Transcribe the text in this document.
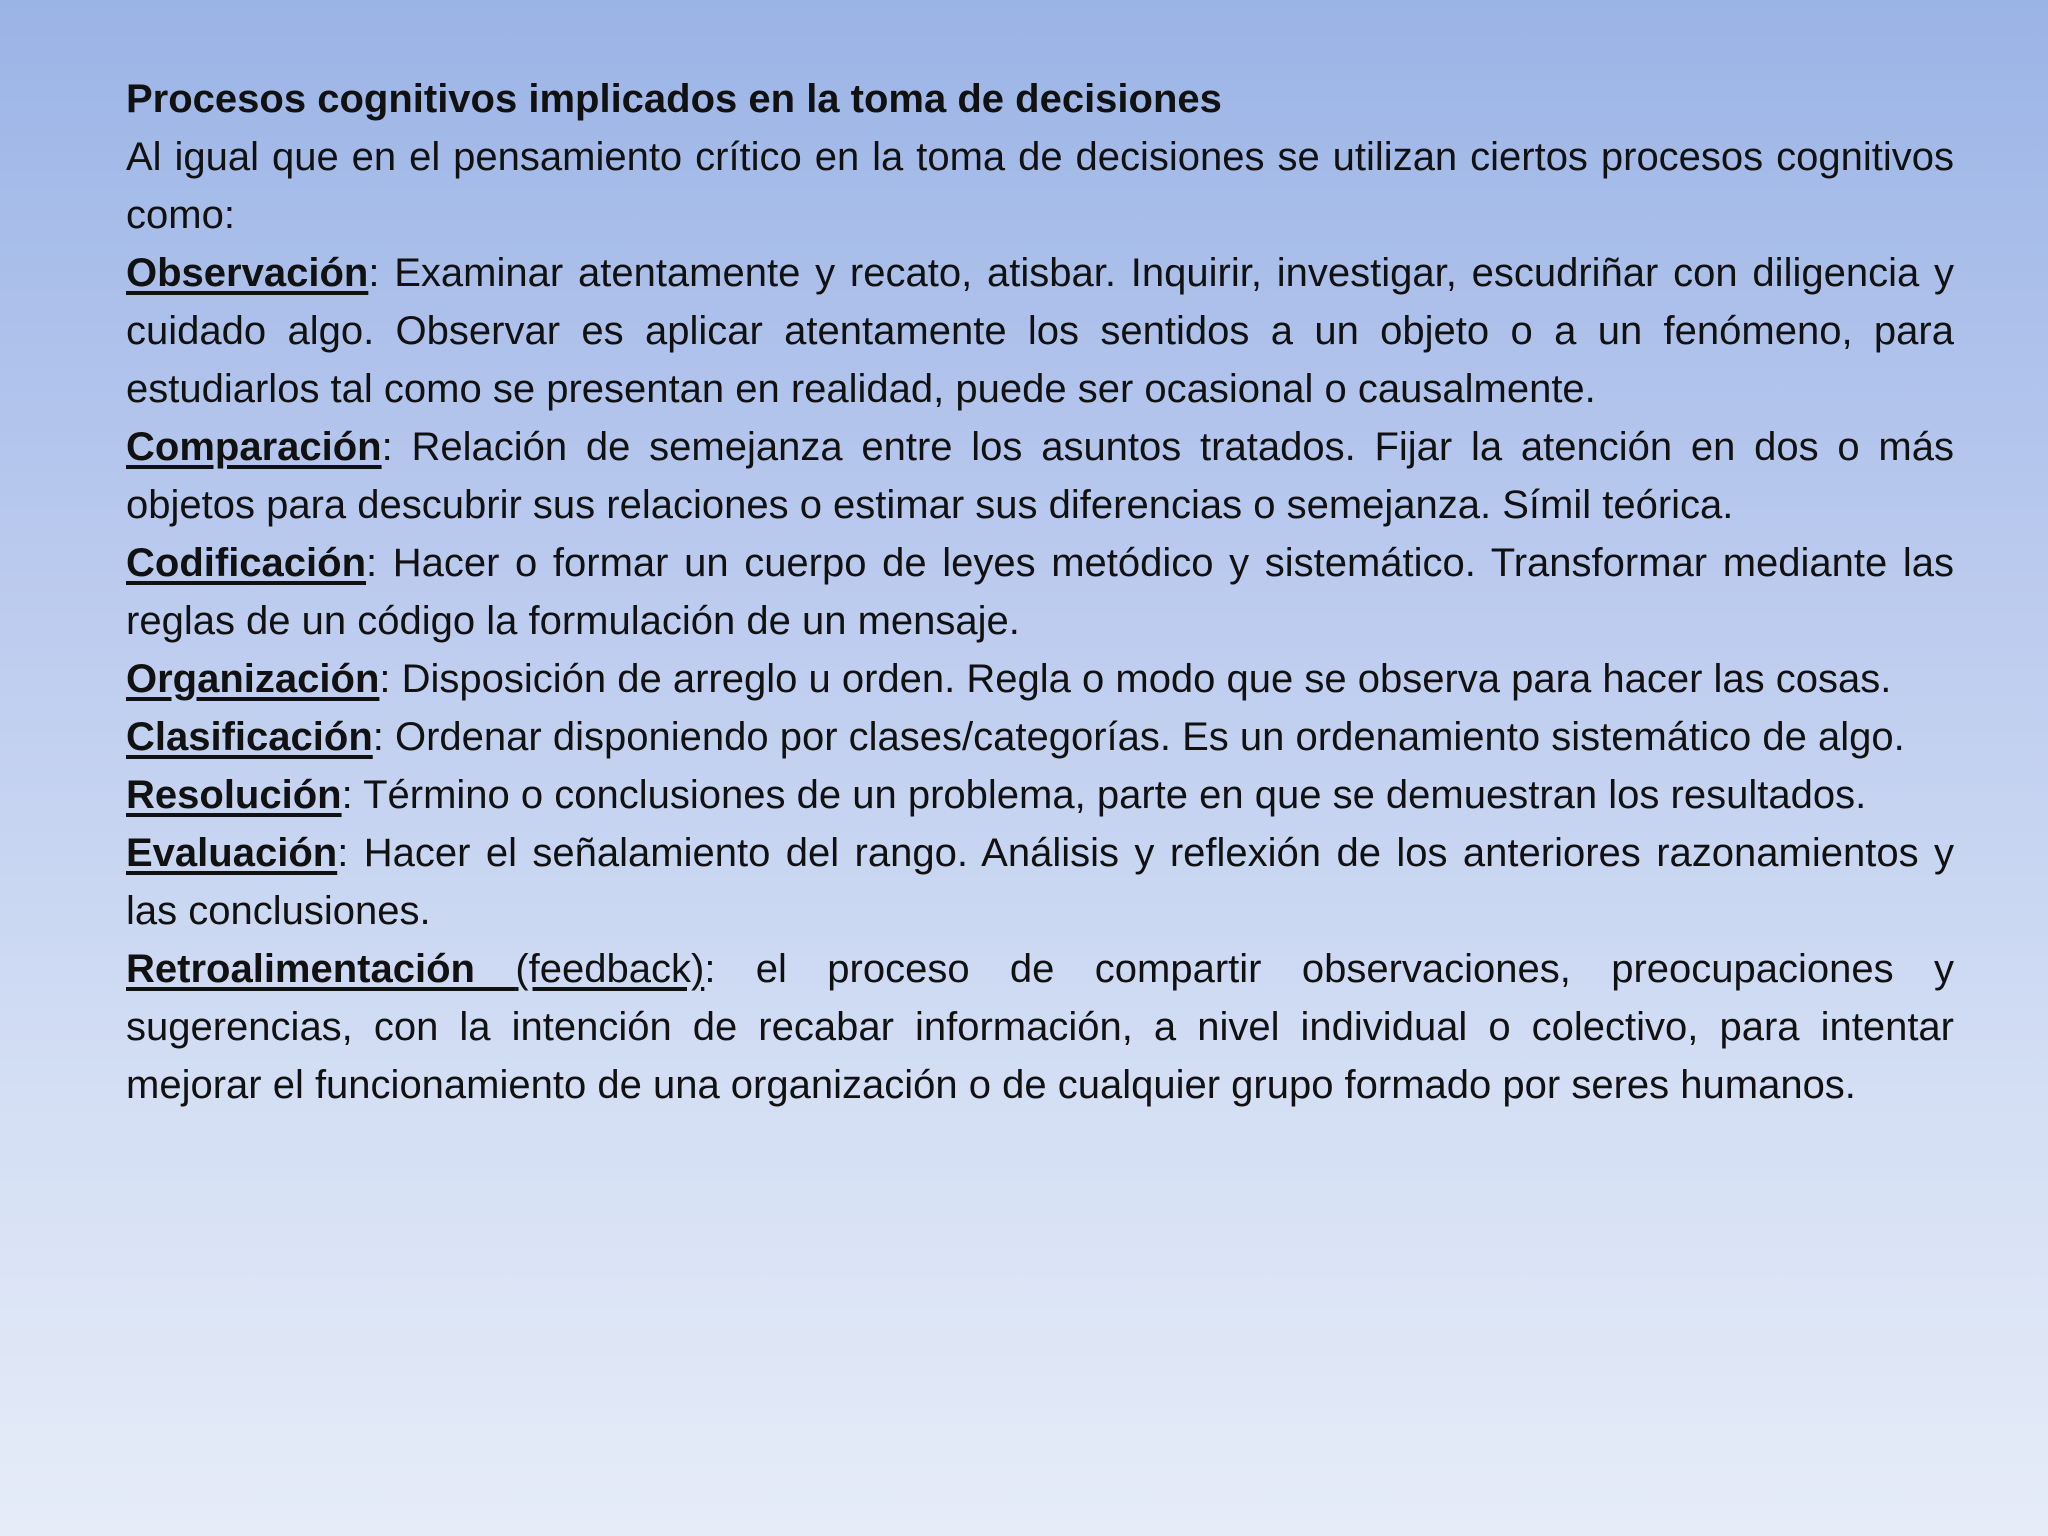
Procesos cognitivos implicados en la toma de decisiones

Al igual que en el pensamiento crítico en la toma de decisiones se utilizan ciertos procesos cognitivos como:

Observación: Examinar atentamente y recato, atisbar. Inquirir, investigar, escudriñar con diligencia y cuidado algo. Observar es aplicar atentamente los sentidos a un objeto o a un fenómeno, para estudiarlos tal como se presentan en realidad, puede ser ocasional o causalmente.

Comparación: Relación de semejanza entre los asuntos tratados. Fijar la atención en dos o más objetos para descubrir sus relaciones o estimar sus diferencias o semejanza. Símil teórica.

Codificación: Hacer o formar un cuerpo de leyes metódico y sistemático. Transformar mediante las reglas de un código la formulación de un mensaje.

Organización: Disposición de arreglo u orden. Regla o modo que se observa para hacer las cosas.

Clasificación: Ordenar disponiendo por clases/categorías. Es un ordenamiento sistemático de algo.

Resolución: Término o conclusiones de un problema, parte en que se demuestran los resultados.

Evaluación: Hacer el señalamiento del rango. Análisis y reflexión de los anteriores razonamientos y las conclusiones.

Retroalimentación (feedback): el proceso de compartir observaciones, preocupaciones y sugerencias, con la intención de recabar información, a nivel individual o colectivo, para intentar mejorar el funcionamiento de una organización o de cualquier grupo formado por seres humanos.
